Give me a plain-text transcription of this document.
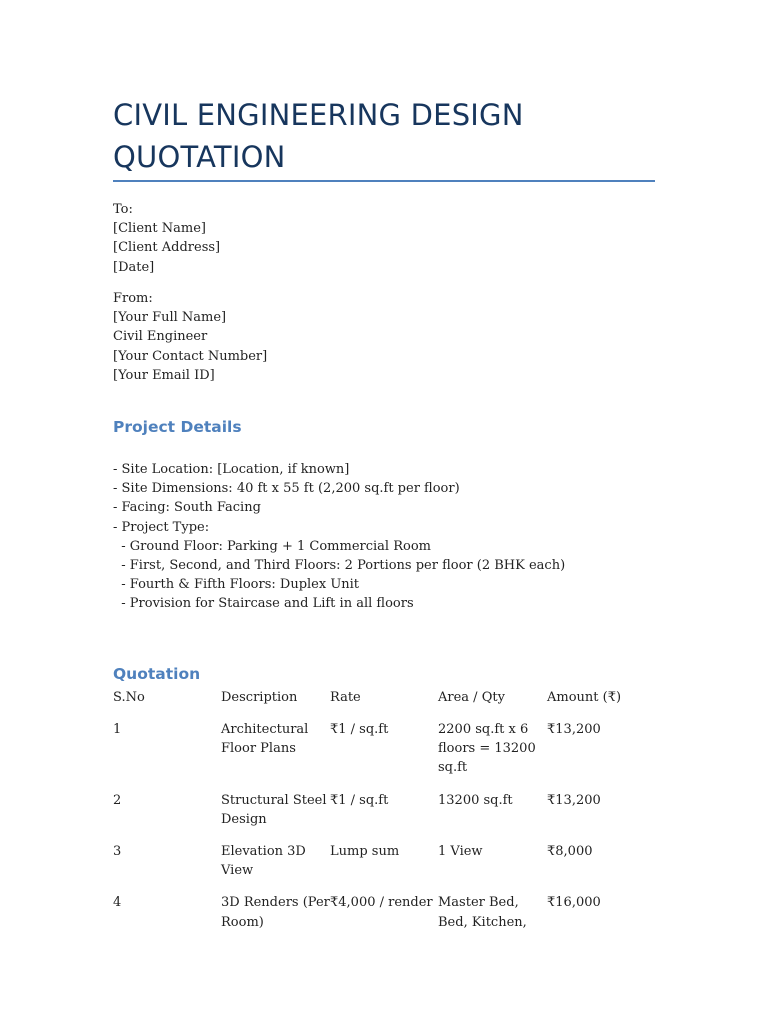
CIVIL ENGINEERING DESIGN
QUOTATION
To:
[Client Name]
[Client Address]
[Date]
From:
[Your Full Name]
Civil Engineer
[Your Contact Number]
[Your Email ID]
Project Details
- Site Location: [Location, if known]
- Site Dimensions: 40 ft x 55 ft (2,200 sq.ft per floor)
- Facing: South Facing
- Project Type:
- Ground Floor: Parking + 1 Commercial Room
- First, Second, and Third Floors: 2 Portions per floor (2 BHK each)
- Fourth & Fifth Floors: Duplex Unit
- Provision for Staircase and Lift in all floors
Quotation
S.No	Description	Rate	Area / Qty	Amount (₹)
1	Architectural Floor Plans	₹1 / sq.ft	2200 sq.ft x 6 floors = 13200 sq.ft	₹13,200
2	Structural Steel Design	₹1 / sq.ft	13200 sq.ft	₹13,200
3	Elevation 3D View	Lump sum	1 View	₹8,000
4	3D Renders (Per Room)	₹4,000 / render	Master Bed, Bed, Kitchen,	₹16,000
